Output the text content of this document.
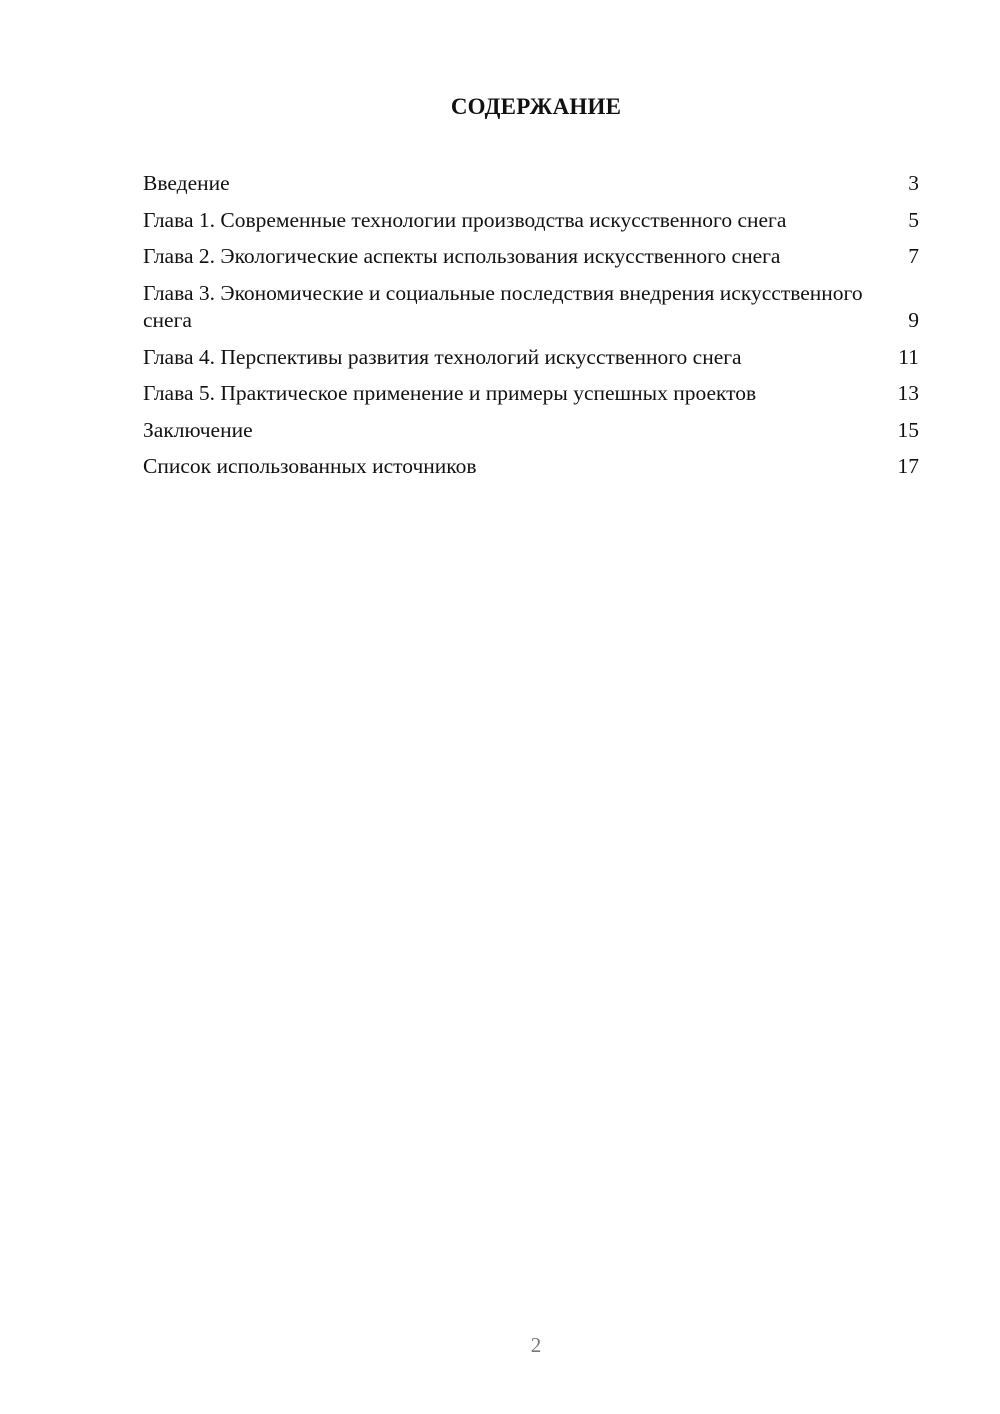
СОДЕРЖАНИЕ
Введение	3
Глава 1. Современные технологии производства искусственного снега	5
Глава 2. Экологические аспекты использования искусственного снега	7
Глава 3. Экономические и социальные последствия внедрения искусственного снега	9
Глава 4. Перспективы развития технологий искусственного снега	11
Глава 5. Практическое применение и примеры успешных проектов	13
Заключение	15
Список использованных источников	17
2
